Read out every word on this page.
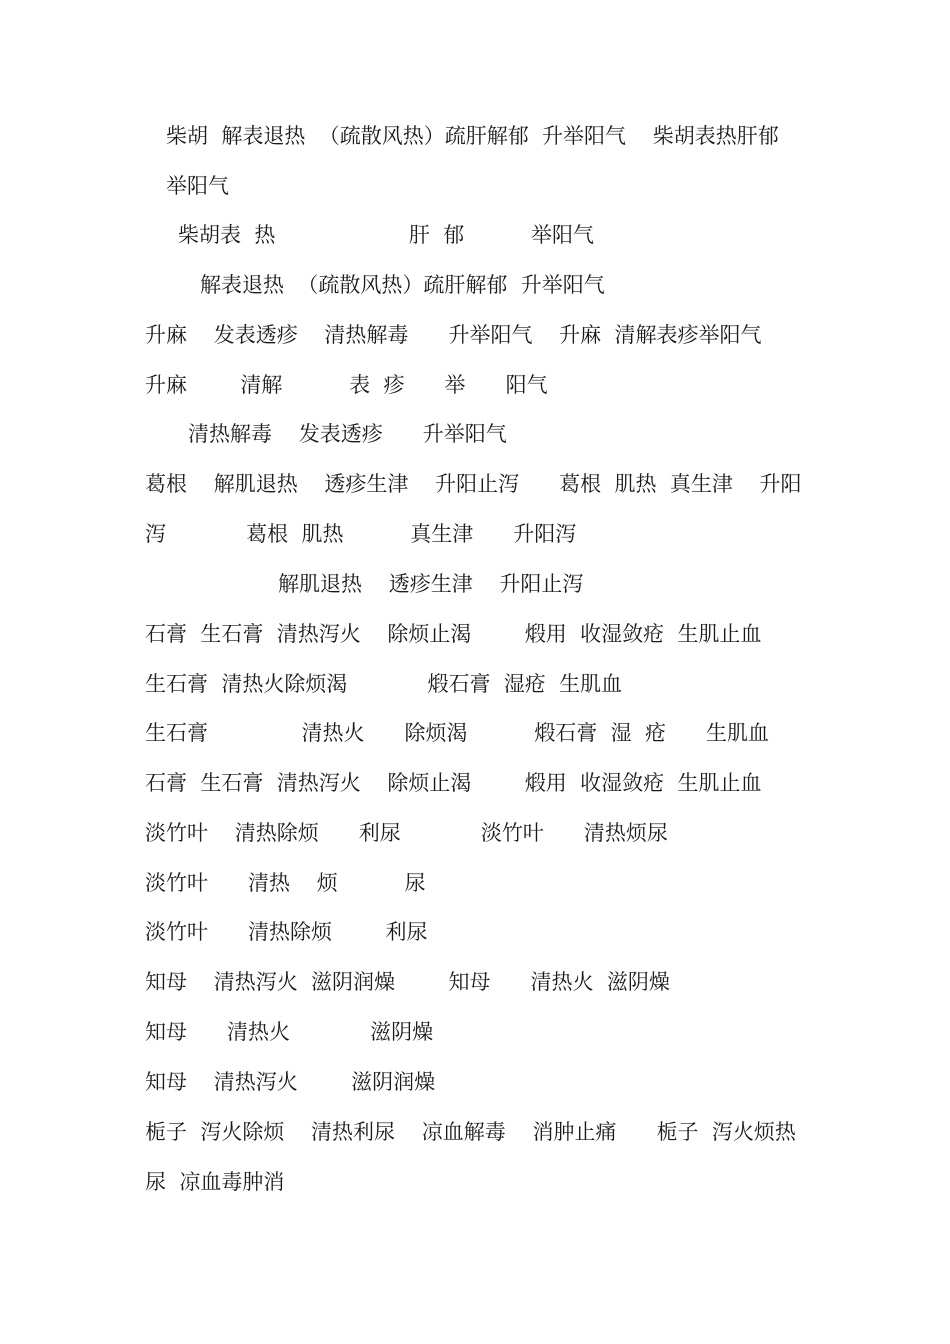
柴胡  解表退热  （疏散风热）疏肝解郁  升举阳气    柴胡表热肝郁
举阳气
柴胡表  热                    肝  郁          举阳气
解表退热  （疏散风热）疏肝解郁  升举阳气
升麻    发表透疹    清热解毒      升举阳气    升麻  清解表疹举阳气
升麻        清解          表  疹      举      阳气
清热解毒    发表透疹      升举阳气
葛根    解肌退热    透疹生津    升阳止泻      葛根  肌热  真生津    升阳
泻            葛根  肌热          真生津      升阳泻
解肌退热    透疹生津    升阳止泻
石膏  生石膏  清热泻火    除烦止渴        煅用  收湿敛疮  生肌止血
生石膏  清热火除烦渴            煅石膏  湿疮  生肌血
生石膏              清热火      除烦渴          煅石膏  湿  疮      生肌血
石膏  生石膏  清热泻火    除烦止渴        煅用  收湿敛疮  生肌止血
淡竹叶    清热除烦      利尿            淡竹叶      清热烦尿
淡竹叶      清热    烦          尿
淡竹叶      清热除烦        利尿
知母    清热泻火  滋阴润燥        知母      清热火  滋阴燥
知母      清热火            滋阴燥
知母    清热泻火        滋阴润燥
栀子  泻火除烦    清热利尿    凉血解毒    消肿止痛      栀子  泻火烦热
尿  凉血毒肿消
